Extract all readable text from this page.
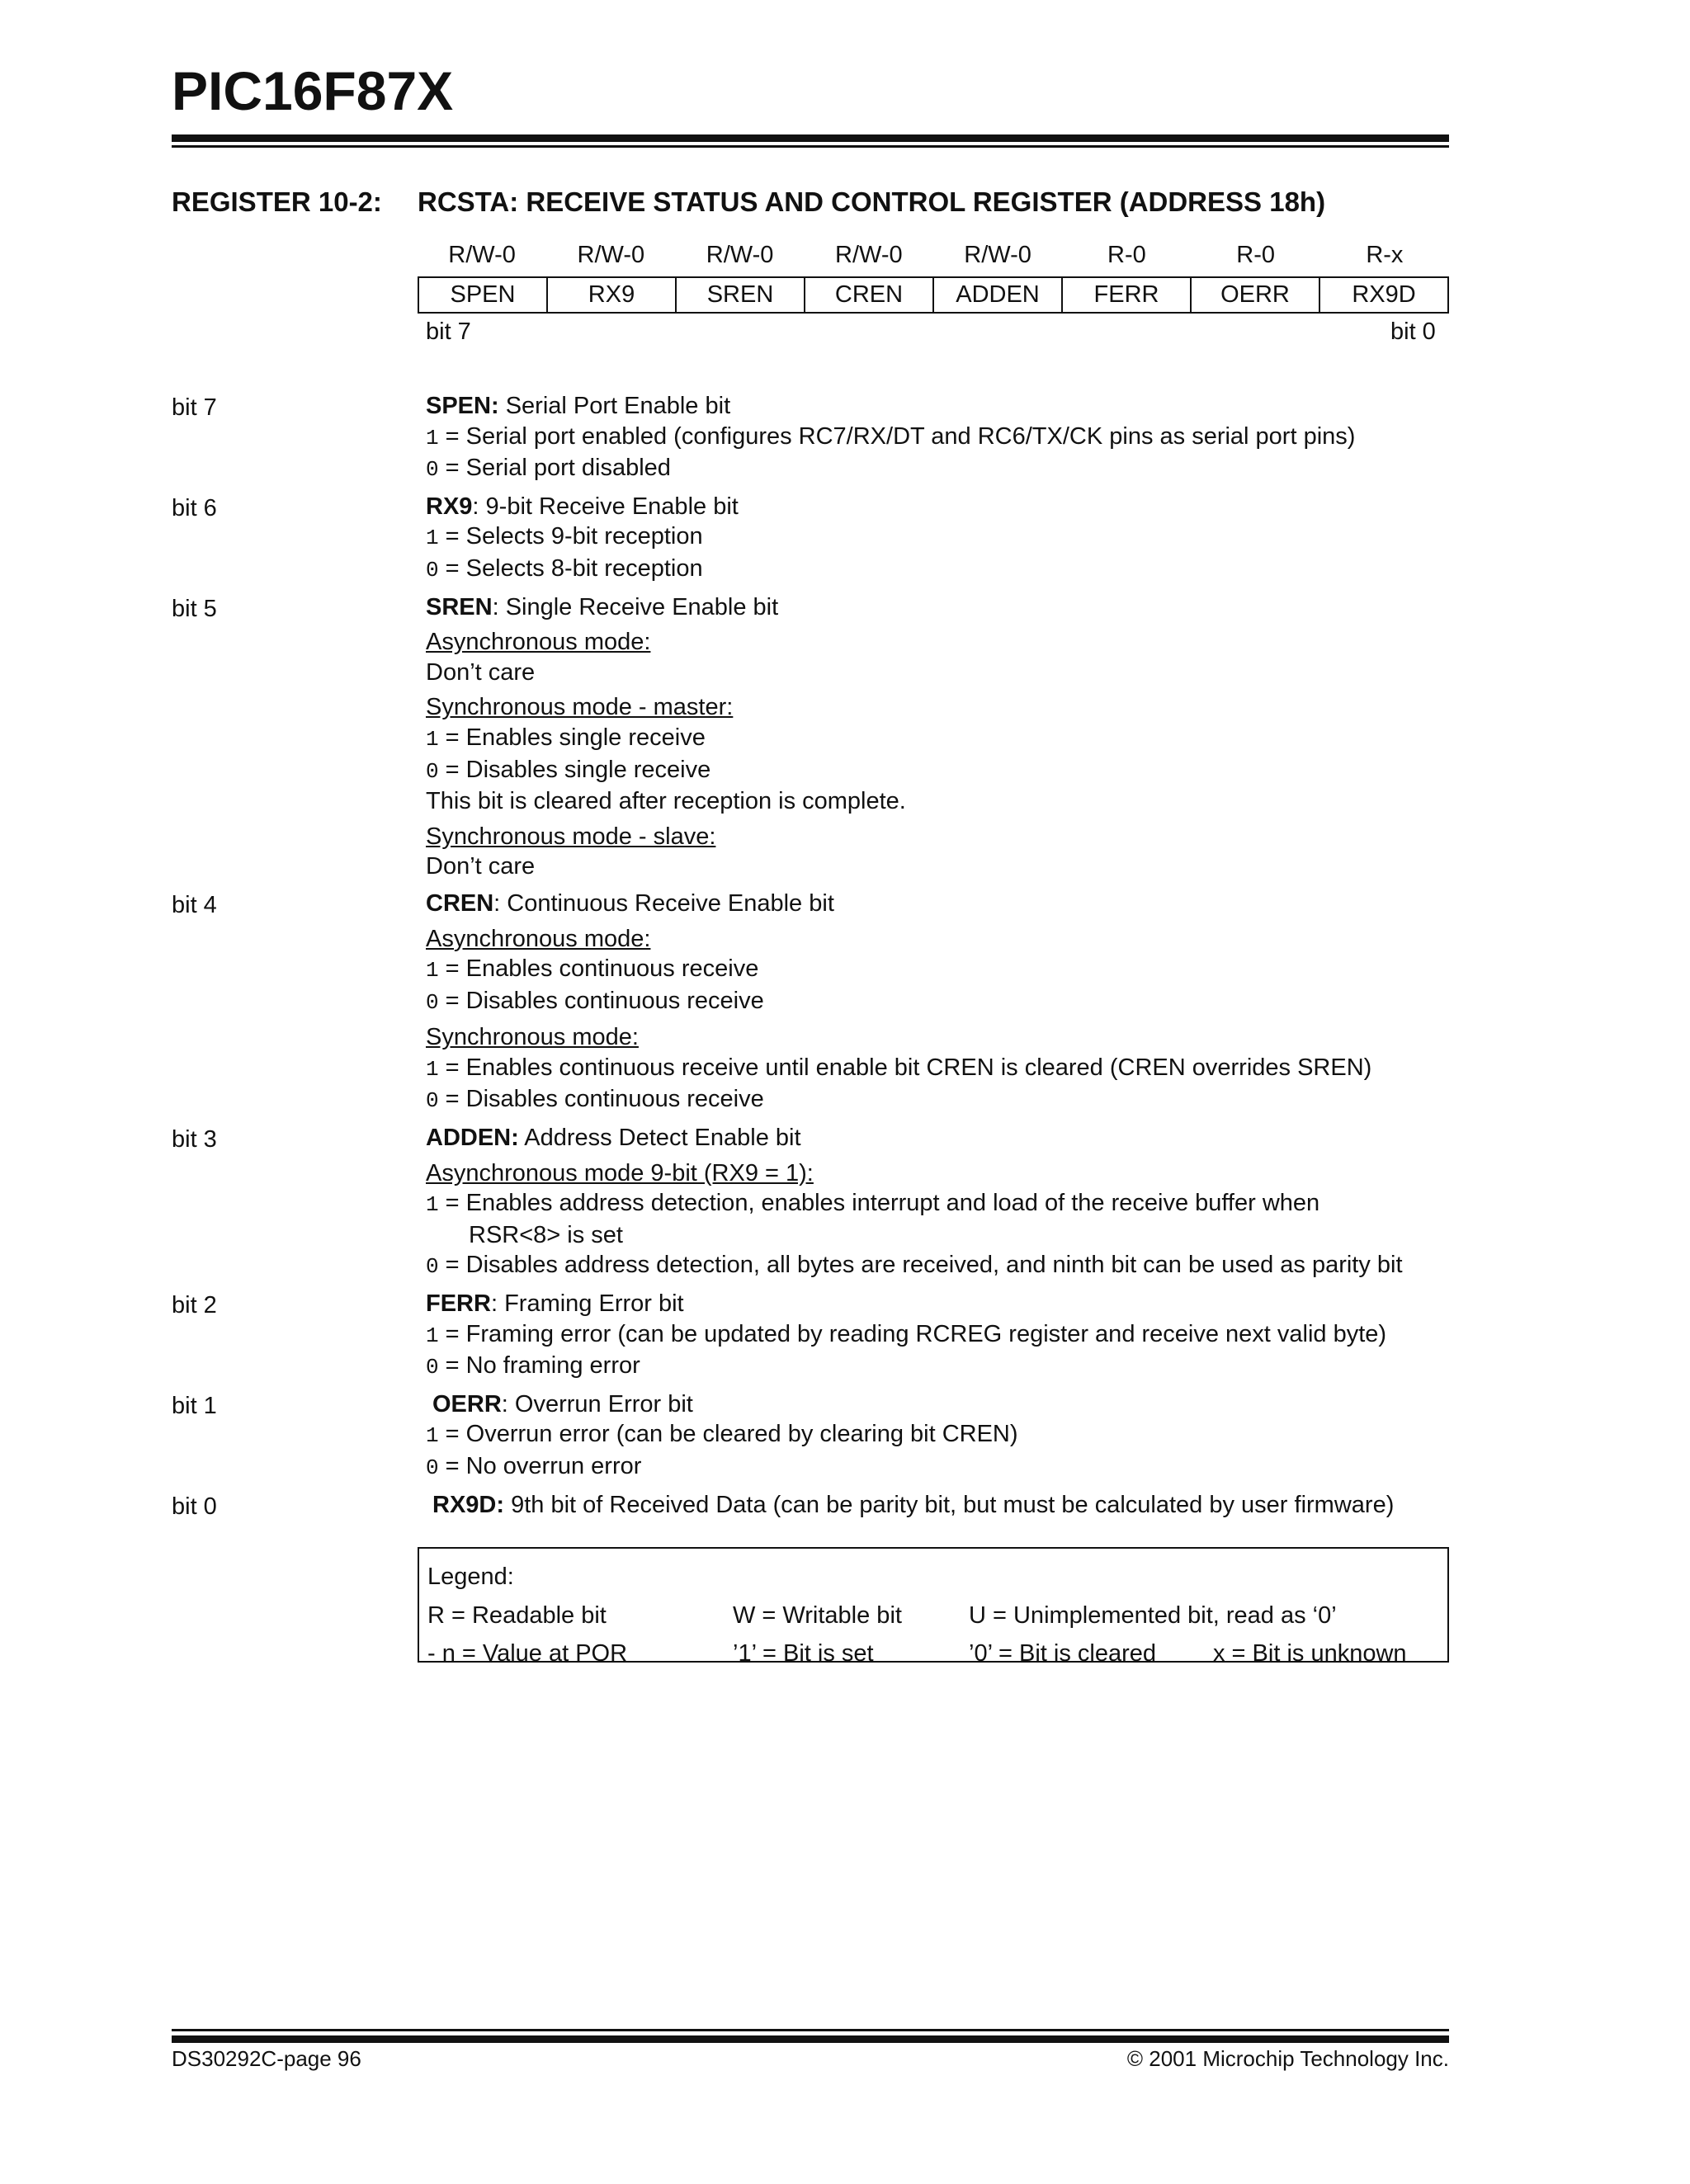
PIC16F87X
REGISTER 10-2: RCSTA: RECEIVE STATUS AND CONTROL REGISTER (ADDRESS 18h)
R/W-0	R/W-0	R/W-0	R/W-0	R/W-0	R-0	R-0	R-x
SPEN	RX9	SREN	CREN	ADDEN	FERR	OERR	RX9D
bit 7	bit 0
bit 7	SPEN: Serial Port Enable bit
1 = Serial port enabled (configures RC7/RX/DT and RC6/TX/CK pins as serial port pins)
0 = Serial port disabled
bit 6	RX9: 9-bit Receive Enable bit
1 = Selects 9-bit reception
0 = Selects 8-bit reception
bit 5	SREN: Single Receive Enable bit
Asynchronous mode:
Don’t care
Synchronous mode - master:
1 = Enables single receive
0 = Disables single receive
This bit is cleared after reception is complete.
Synchronous mode - slave:
Don’t care
bit 4	CREN: Continuous Receive Enable bit
Asynchronous mode:
1 = Enables continuous receive
0 = Disables continuous receive
Synchronous mode:
1 = Enables continuous receive until enable bit CREN is cleared (CREN overrides SREN)
0 = Disables continuous receive
bit 3	ADDEN: Address Detect Enable bit
Asynchronous mode 9-bit (RX9 = 1):
1 = Enables address detection, enables interrupt and load of the receive buffer when
RSR<8> is set
0 = Disables address detection, all bytes are received, and ninth bit can be used as parity bit
bit 2	FERR: Framing Error bit
1 = Framing error (can be updated by reading RCREG register and receive next valid byte)
0 = No framing error
bit 1	OERR: Overrun Error bit
1 = Overrun error (can be cleared by clearing bit CREN)
0 = No overrun error
bit 0	RX9D: 9th bit of Received Data (can be parity bit, but must be calculated by user firmware)
Legend:
R = Readable bit	W = Writable bit	U = Unimplemented bit, read as ‘0’
- n = Value at POR	’1’ = Bit is set	’0’ = Bit is cleared x = Bit is unknown
DS30292C-page 96	© 2001 Microchip Technology Inc.
